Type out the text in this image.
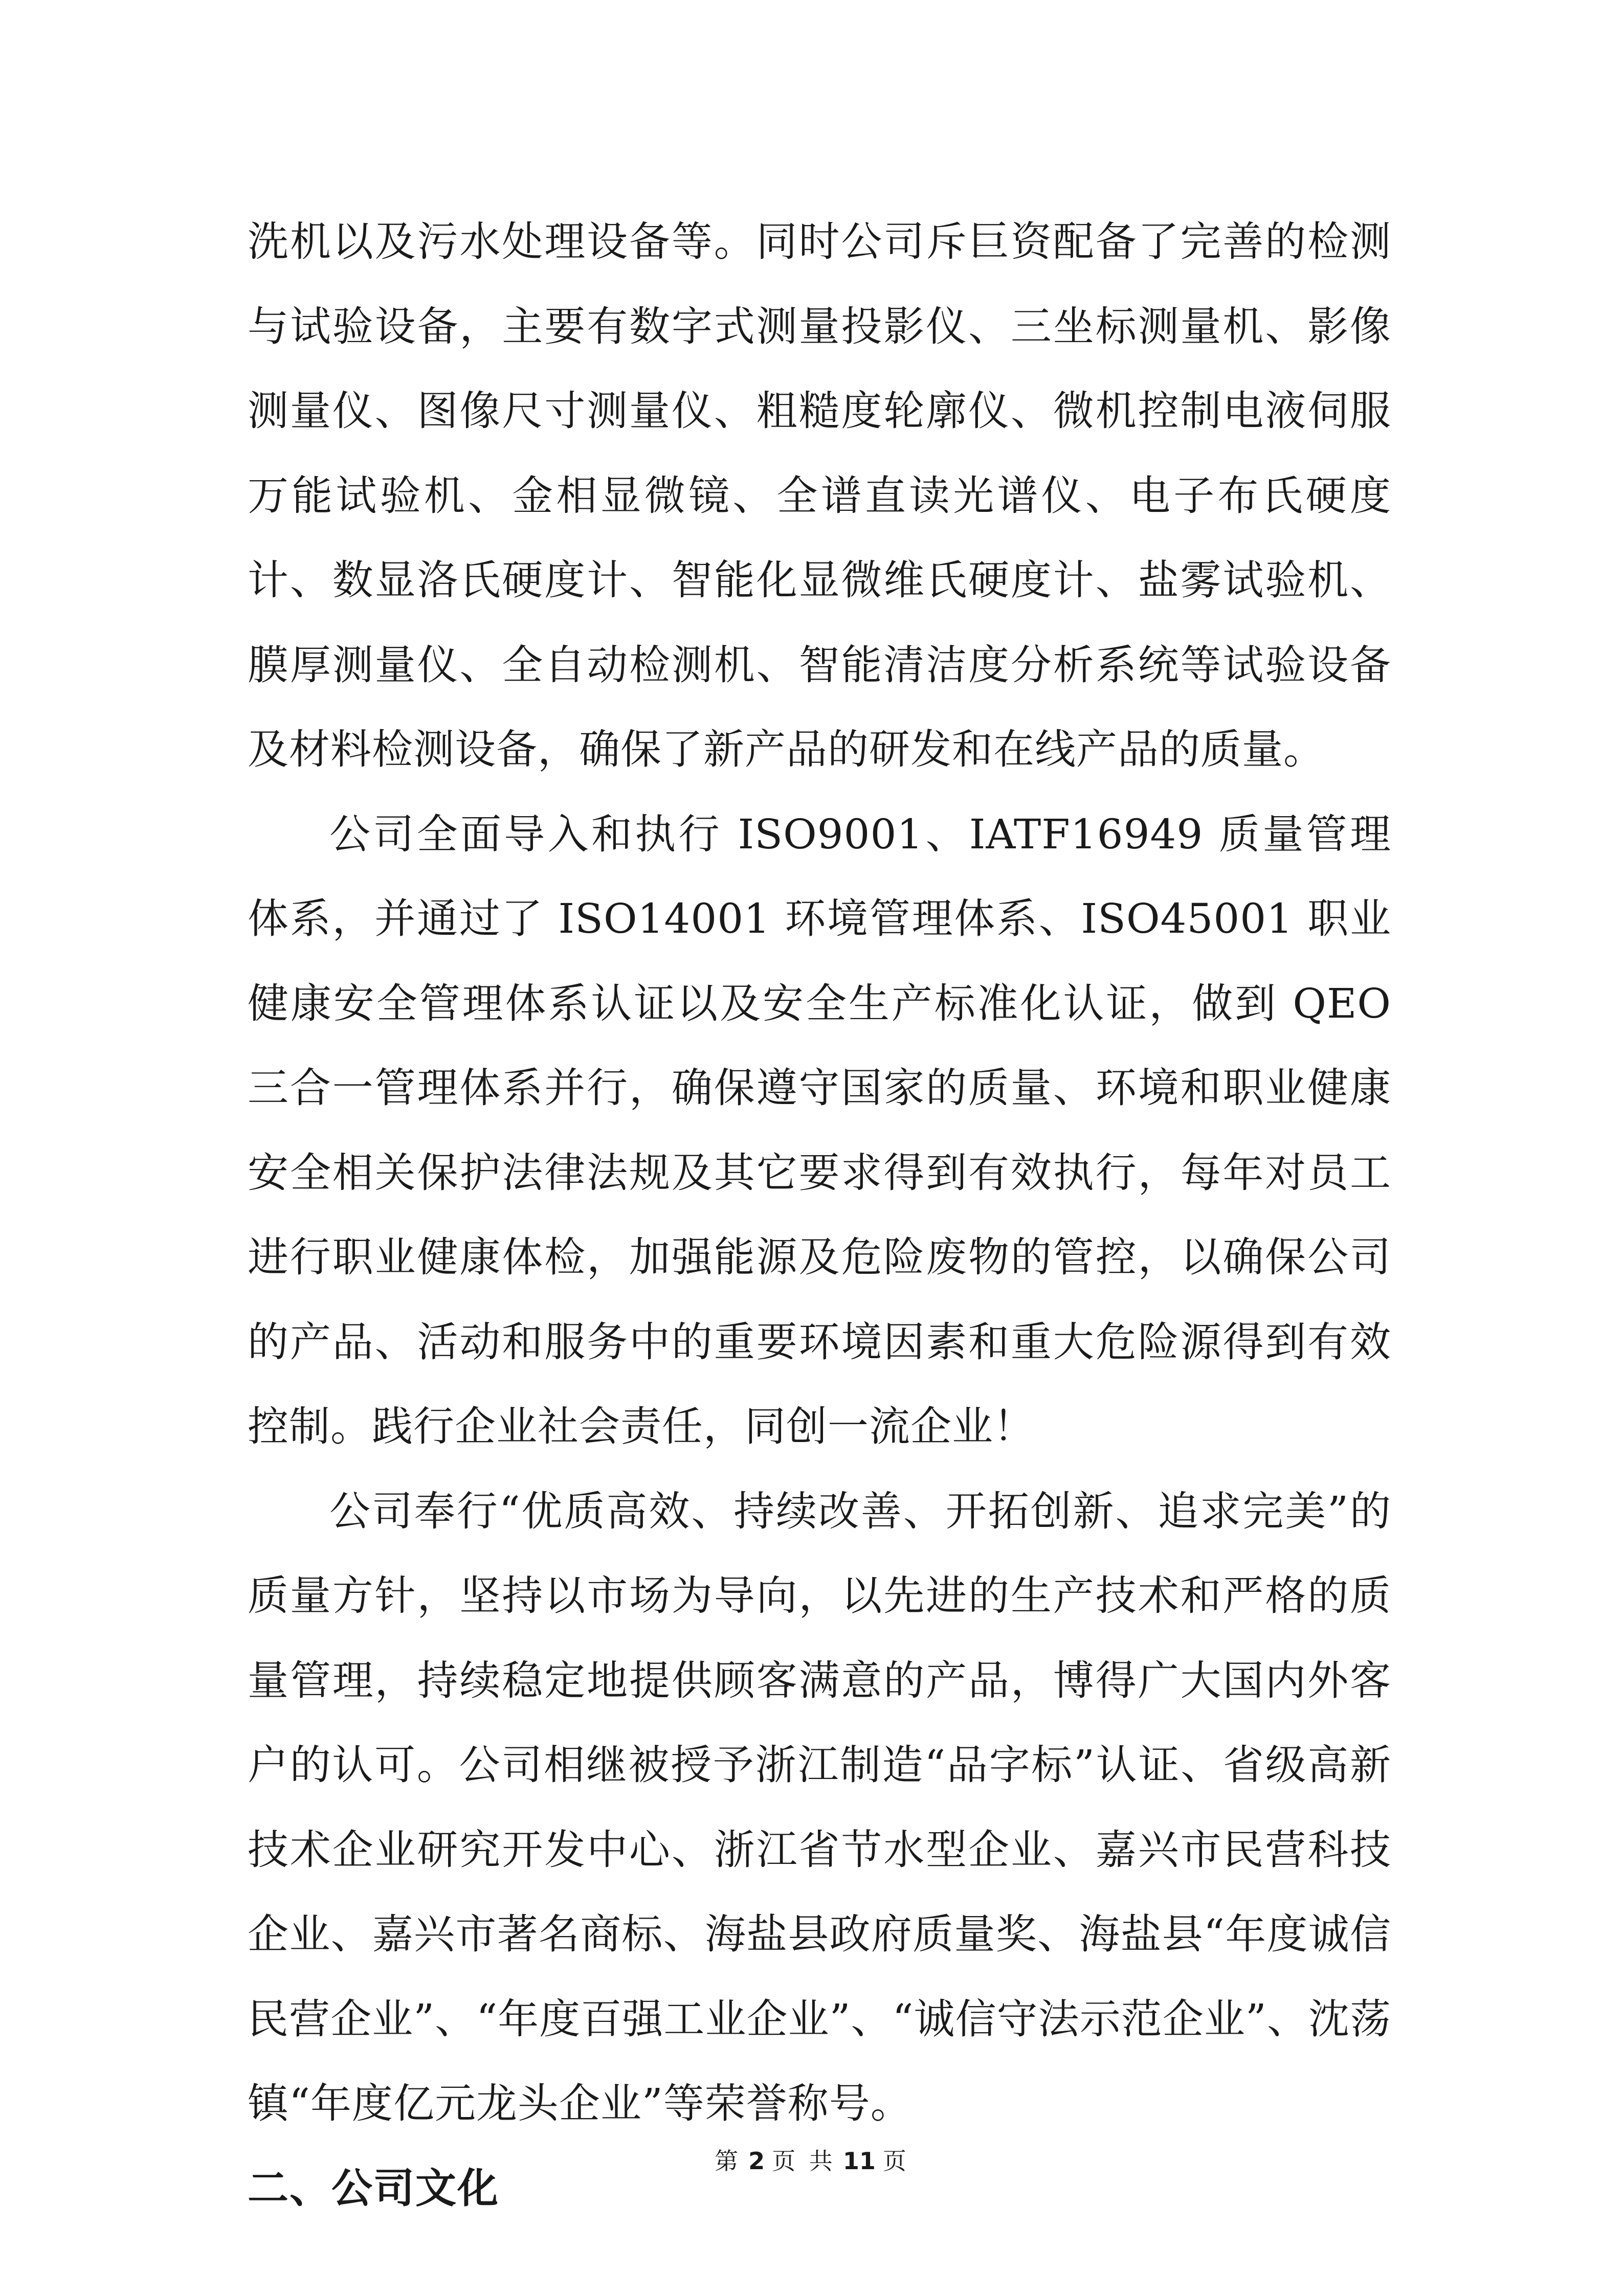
洗机以及污水处理设备等。同时公司斥巨资配备了完善的检测与试验设备，主要有数字式测量投影仪、三坐标测量机、影像测量仪、图像尺寸测量仪、粗糙度轮廓仪、微机控制电液伺服万能试验机、金相显微镜、全谱直读光谱仪、电子布氏硬度计、数显洛氏硬度计、智能化显微维氏硬度计、盐雾试验机、膜厚测量仪、全自动检测机、智能清洁度分析系统等试验设备及材料检测设备，确保了新产品的研发和在线产品的质量。

公司全面导入和执行 ISO9001、IATF16949 质量管理体系，并通过了 ISO14001 环境管理体系、ISO45001 职业健康安全管理体系认证以及安全生产标准化认证，做到 QEO 三合一管理体系并行，确保遵守国家的质量、环境和职业健康安全相关保护法律法规及其它要求得到有效执行，每年对员工进行职业健康体检，加强能源及危险废物的管控，以确保公司的产品、活动和服务中的重要环境因素和重大危险源得到有效控制。践行企业社会责任，同创一流企业！

公司奉行“优质高效、持续改善、开拓创新、追求完美”的质量方针，坚持以市场为导向，以先进的生产技术和严格的质量管理，持续稳定地提供顾客满意的产品，博得广大国内外客户的认可。公司相继被授予浙江制造“品字标”认证、省级高新技术企业研究开发中心、浙江省节水型企业、嘉兴市民营科技企业、嘉兴市著名商标、海盐县政府质量奖、海盐县“年度诚信民营企业”、“年度百强工业企业”、“诚信守法示范企业”、沈荡镇“年度亿元龙头企业”等荣誉称号。

二、公司文化
第 2 页 共 11 页
